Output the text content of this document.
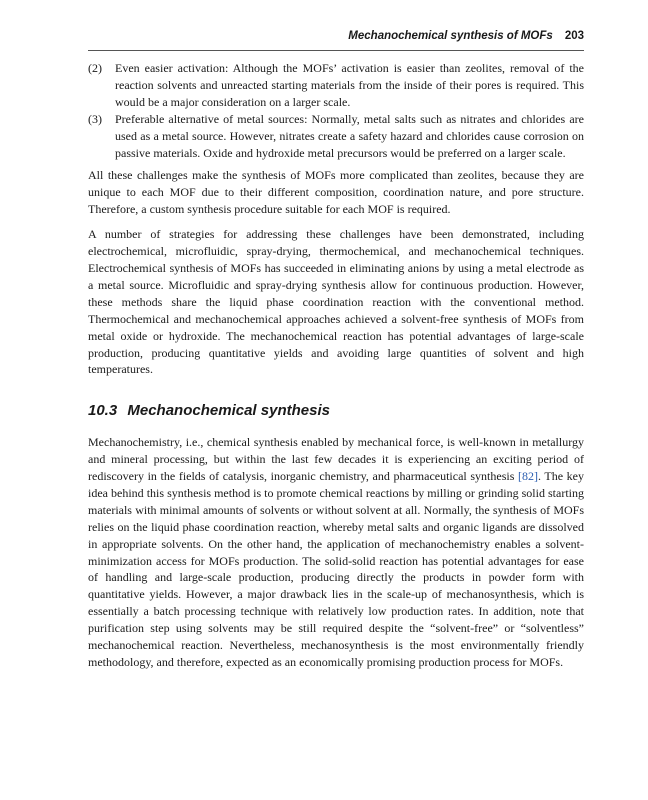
Mechanochemical synthesis of MOFs 203
(2) Even easier activation: Although the MOFs’ activation is easier than zeolites, removal of the reaction solvents and unreacted starting materials from the inside of their pores is required. This would be a major consideration on a larger scale.
(3) Preferable alternative of metal sources: Normally, metal salts such as nitrates and chlorides are used as a metal source. However, nitrates create a safety hazard and chlorides cause corrosion on passive materials. Oxide and hydroxide metal precursors would be preferred on a larger scale.

All these challenges make the synthesis of MOFs more complicated than zeolites, because they are unique to each MOF due to their different composition, coordination nature, and pore structure. Therefore, a custom synthesis procedure suitable for each MOF is required.

A number of strategies for addressing these challenges have been demonstrated, including electrochemical, microfluidic, spray-drying, thermochemical, and mechanochemical techniques. Electrochemical synthesis of MOFs has succeeded in eliminating anions by using a metal electrode as a metal source. Microfluidic and spray-drying synthesis allow for continuous production. However, these methods share the liquid phase coordination reaction with the conventional method. Thermochemical and mechanochemical approaches achieved a solvent-free synthesis of MOFs from metal oxide or hydroxide. The mechanochemical reaction has potential advantages of large-scale production, producing quantitative yields and avoiding large quantities of solvent and high temperatures.

10.3 Mechanochemical synthesis

Mechanochemistry, i.e., chemical synthesis enabled by mechanical force, is well-known in metallurgy and mineral processing, but within the last few decades it is experiencing an exciting period of rediscovery in the fields of catalysis, inorganic chemistry, and pharmaceutical synthesis [82]. The key idea behind this synthesis method is to promote chemical reactions by milling or grinding solid starting materials with minimal amounts of solvents or without solvent at all. Normally, the synthesis of MOFs relies on the liquid phase coordination reaction, whereby metal salts and organic ligands are dissolved in appropriate solvents. On the other hand, the application of mechanochemistry enables a solvent-minimization access for MOFs production. The solid-solid reaction has potential advantages for ease of handling and large-scale production, producing directly the products in powder form with quantitative yields. However, a major drawback lies in the scale-up of mechanosynthesis, which is essentially a batch processing technique with relatively low production rates. In addition, note that purification step using solvents may be still required despite the “solvent-free” or “solventless” mechanochemical reaction. Nevertheless, mechanosynthesis is the most environmentally friendly methodology, and therefore, expected as an economically promising production process for MOFs.
